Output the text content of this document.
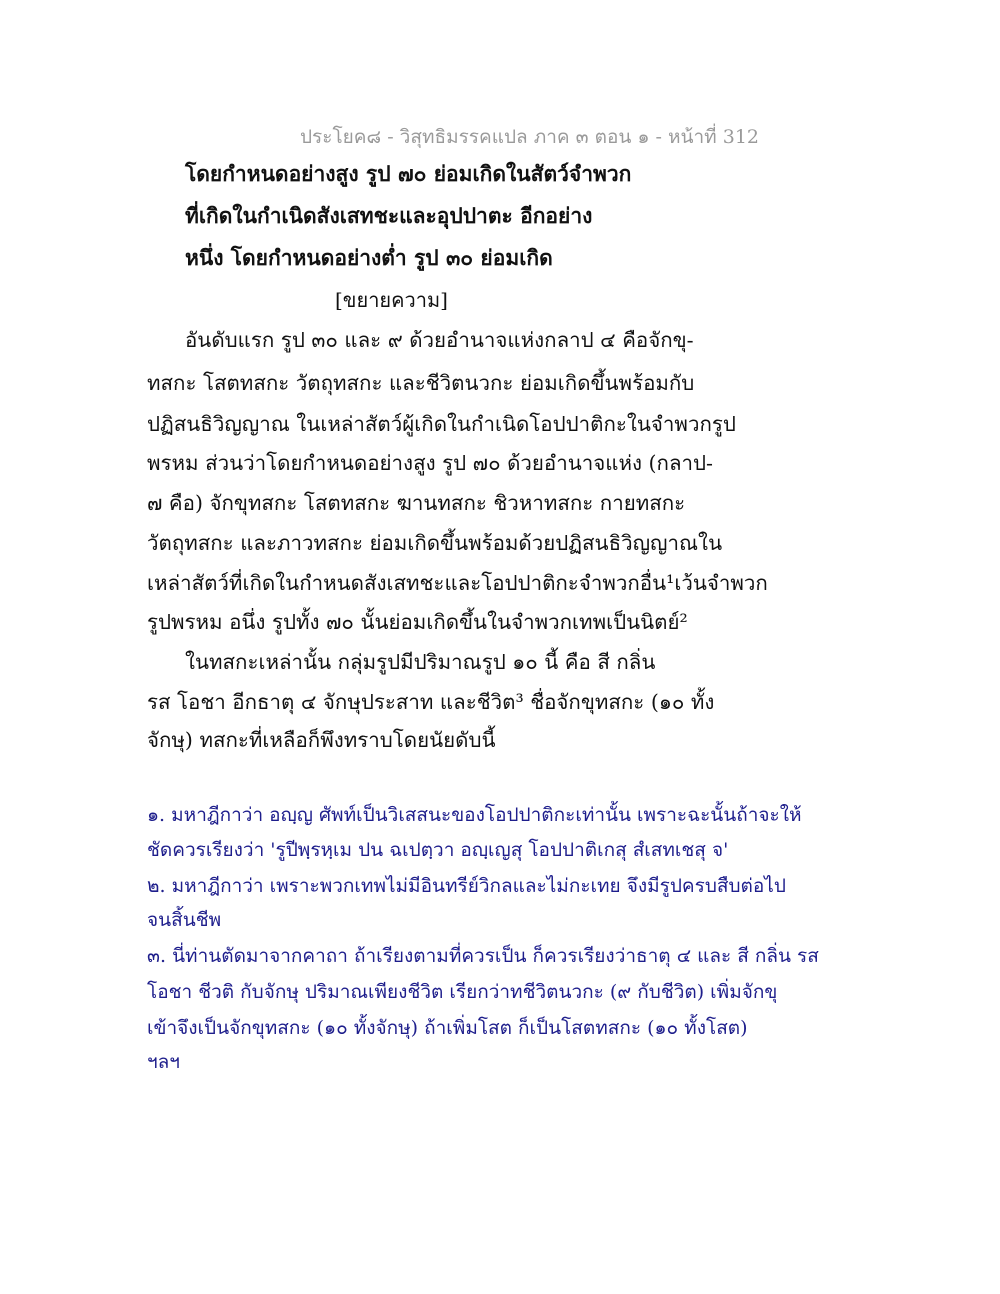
ประโยค๘ - วิสุทธิมรรคแปล ภาค ๓ ตอน ๑ - หน้าที่ 312
โดยกำหนดอย่างสูง รูป ๗๐ ย่อมเกิดในสัตว์จำพวก
ที่เกิดในกำเนิดสังเสทชะและอุปปาตะ อีกอย่าง
หนึ่ง โดยกำหนดอย่างต่ำ รูป ๓๐ ย่อมเกิด
[ขยายความ]
อันดับแรก รูป ๓๐ และ ๙ ด้วยอำนาจแห่งกลาป ๔ คือจักขุ-
ทสกะ โสตทสกะ วัตถุทสกะ และชีวิตนวกะ ย่อมเกิดขึ้นพร้อมกับ
ปฏิสนธิวิญญาณ ในเหล่าสัตว์ผู้เกิดในกำเนิดโอปปาติกะในจำพวกรูป
พรหม ส่วนว่าโดยกำหนดอย่างสูง รูป ๗๐ ด้วยอำนาจแห่ง (กลาป-
๗ คือ) จักขุทสกะ โสตทสกะ ฆานทสกะ ชิวหาทสกะ กายทสกะ
วัตถุทสกะ และภาวทสกะ ย่อมเกิดขึ้นพร้อมด้วยปฏิสนธิวิญญาณใน
เหล่าสัตว์ที่เกิดในกำหนดสังเสทชะและโอปปาติกะจำพวกอื่น¹เว้นจำพวก
รูปพรหม อนึ่ง รูปทั้ง ๗๐ นั้นย่อมเกิดขึ้นในจำพวกเทพเป็นนิตย์²
ในทสกะเหล่านั้น กลุ่มรูปมีปริมาณรูป ๑๐ นี้ คือ สี กลิ่น
รส โอชา อีกธาตุ ๔ จักษุประสาท และชีวิต³ ชื่อจักขุทสกะ (๑๐ ทั้ง
จักษุ) ทสกะที่เหลือก็พึงทราบโดยนัยดับนี้
๑. มหาฎีกาว่า อญฺญ ศัพท์เป็นวิเสสนะของโอปปาติกะเท่านั้น เพราะฉะนั้นถ้าจะให้
ชัดควรเรียงว่า 'รูปีพฺรหฺเม ปน ฉเปตฺวา อญฺเญสุ โอปปาติเกสุ สํเสทเชสุ จ'
๒. มหาฎีกาว่า เพราะพวกเทพไม่มีอินทรีย์วิกลและไม่กะเทย จึงมีรูปครบสืบต่อไป
จนสิ้นชีพ
๓. นี่ท่านตัดมาจากคาถา ถ้าเรียงตามที่ควรเป็น ก็ควรเรียงว่าธาตุ ๔ และ สี กลิ่น รส
โอชา ชีวติ กับจักษุ ปริมาณเพียงชีวิต เรียกว่าทชีวิตนวกะ (๙ กับชีวิต) เพิ่มจักขุ
เข้าจึงเป็นจักขุทสกะ (๑๐ ทั้งจักษุ) ถ้าเพิ่มโสต ก็เป็นโสตทสกะ (๑๐ ทั้งโสต)
ฯลฯ
